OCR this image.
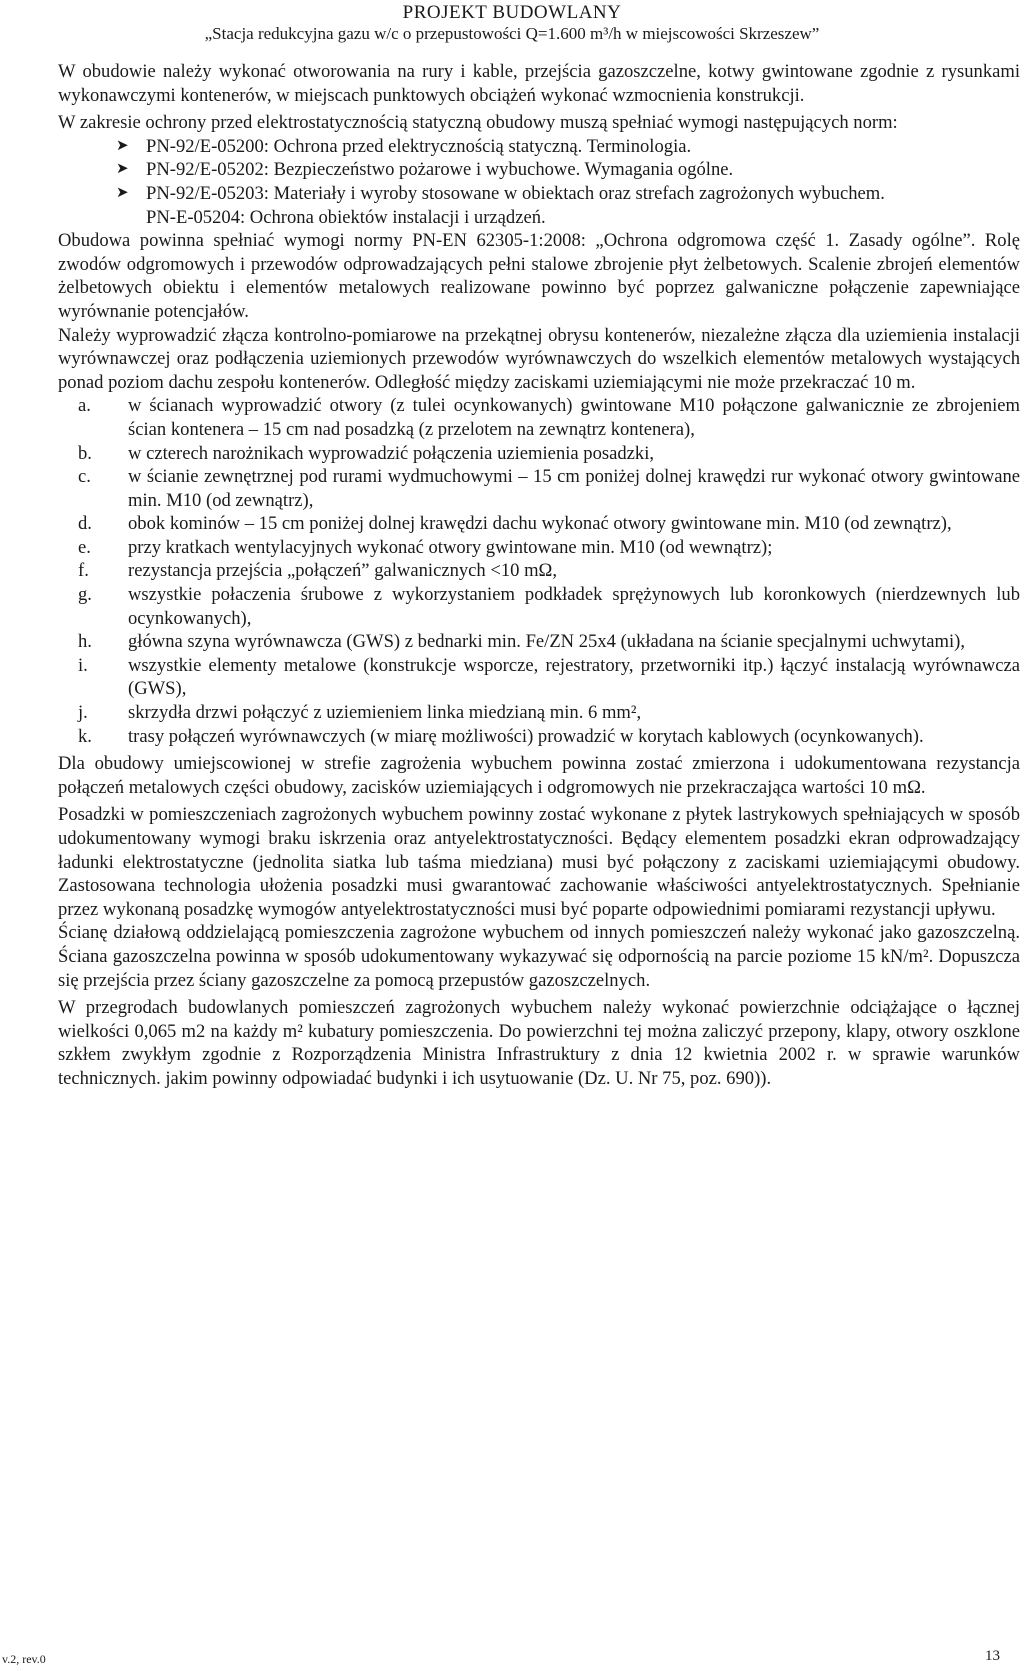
PROJEKT BUDOWLANY
„Stacja redukcyjna gazu w/c o przepustowości Q=1.600 m³/h w miejscowości Skrzeszew”

W obudowie należy wykonać otworowania na rury i kable, przejścia gazoszczelne, kotwy gwintowane zgodnie z rysunkami wykonawczymi kontenerów, w miejscach punktowych obciążeń wykonać wzmocnienia konstrukcji.

W zakresie ochrony przed elektrostatycznością statyczną obudowy muszą spełniać wymogi następujących norm:

➤ PN-92/E-05200: Ochrona przed elektrycznością statyczną. Terminologia.
➤ PN-92/E-05202: Bezpieczeństwo pożarowe i wybuchowe. Wymagania ogólne.
➤ PN-92/E-05203: Materiały i wyroby stosowane w obiektach oraz strefach zagrożonych wybuchem.

PN-E-05204: Ochrona obiektów instalacji i urządzeń.

Obudowa powinna spełniać wymogi normy PN-EN 62305-1:2008: „Ochrona odgromowa część 1. Zasady ogólne”. Rolę zwodów odgromowych i przewodów odprowadzających pełni stalowe zbrojenie płyt żelbetowych. Scalenie zbrojeń elementów żelbetowych obiektu i elementów metalowych realizowane powinno być poprzez galwaniczne połączenie zapewniające wyrównanie potencjałów.

Należy wyprowadzić złącza kontrolno-pomiarowe na przekątnej obrysu kontenerów, niezależne złącza dla uziemienia instalacji wyrównawczej oraz podłączenia uziemionych przewodów wyrównawczych do wszelkich elementów metalowych wystających ponad poziom dachu zespołu kontenerów. Odległość między zaciskami uziemiającymi nie może przekraczać 10 m.

a. w ścianach wyprowadzić otwory (z tulei ocynkowanych) gwintowane M10 połączone galwanicznie ze zbrojeniem ścian kontenera – 15 cm nad posadzką (z przelotem na zewnątrz kontenera),
b. w czterech narożnikach wyprowadzić połączenia uziemienia posadzki,
c. w ścianie zewnętrznej pod rurami wydmuchowymi – 15 cm poniżej dolnej krawędzi rur wykonać otwory gwintowane min. M10 (od zewnątrz),
d. obok kominów – 15 cm poniżej dolnej krawędzi dachu wykonać otwory gwintowane min. M10 (od zewnątrz),
e. przy kratkach wentylacyjnych wykonać otwory gwintowane min. M10 (od wewnątrz);
f. rezystancja przejścia „połączeń” galwanicznych <10 mΩ,
g. wszystkie połaczenia śrubowe z wykorzystaniem podkładek sprężynowych lub koronkowych (nierdzewnych lub ocynkowanych),
h. główna szyna wyrównawcza (GWS) z bednarki min. Fe/ZN 25x4 (układana na ścianie specjalnymi uchwytami),
i. wszystkie elementy metalowe (konstrukcje wsporcze, rejestratory, przetworniki itp.) łączyć instalacją wyrównawcza (GWS),
j. skrzydła drzwi połączyć z uziemieniem linka miedzianą min. 6 mm²,
k. trasy połączeń wyrównawczych (w miarę możliwości) prowadzić w korytach kablowych (ocynkowanych).

Dla obudowy umiejscowionej w strefie zagrożenia wybuchem powinna zostać zmierzona i udokumentowana rezystancja połączeń metalowych części obudowy, zacisków uziemiających i odgromowych nie przekraczająca wartości 10 mΩ.

Posadzki w pomieszczeniach zagrożonych wybuchem powinny zostać wykonane z płytek lastrykowych spełniających w sposób udokumentowany wymogi braku iskrzenia oraz antyelektrostatyczności. Będący elementem posadzki ekran odprowadzający ładunki elektrostatyczne (jednolita siatka lub taśma miedziana) musi być połączony z zaciskami uziemiającymi obudowy. Zastosowana technologia ułożenia posadzki musi gwarantować zachowanie właściwości antyelektrostatycznych. Spełnianie przez wykonaną posadzkę wymogów antyelektrostatyczności musi być poparte odpowiednimi pomiarami rezystancji upływu.

Ścianę działową oddzielającą pomieszczenia zagrożone wybuchem od innych pomieszczeń należy wykonać jako gazoszczelną. Ściana gazoszczelna powinna w sposób udokumentowany wykazywać się odpornością na parcie poziome 15 kN/m². Dopuszcza się przejścia przez ściany gazoszczelne za pomocą przepustów gazoszczelnych.

W przegrodach budowlanych pomieszczeń zagrożonych wybuchem należy wykonać powierzchnie odciążające o łącznej wielkości 0,065 m2 na każdy m² kubatury pomieszczenia. Do powierzchni tej można zaliczyć przepony, klapy, otwory oszklone szkłem zwykłym zgodnie z Rozporządzenia Ministra Infrastruktury z dnia 12 kwietnia 2002 r. w sprawie warunków technicznych. jakim powinny odpowiadać budynki i ich usytuowanie (Dz. U. Nr 75, poz. 690)).

v.2, rev.0	13
